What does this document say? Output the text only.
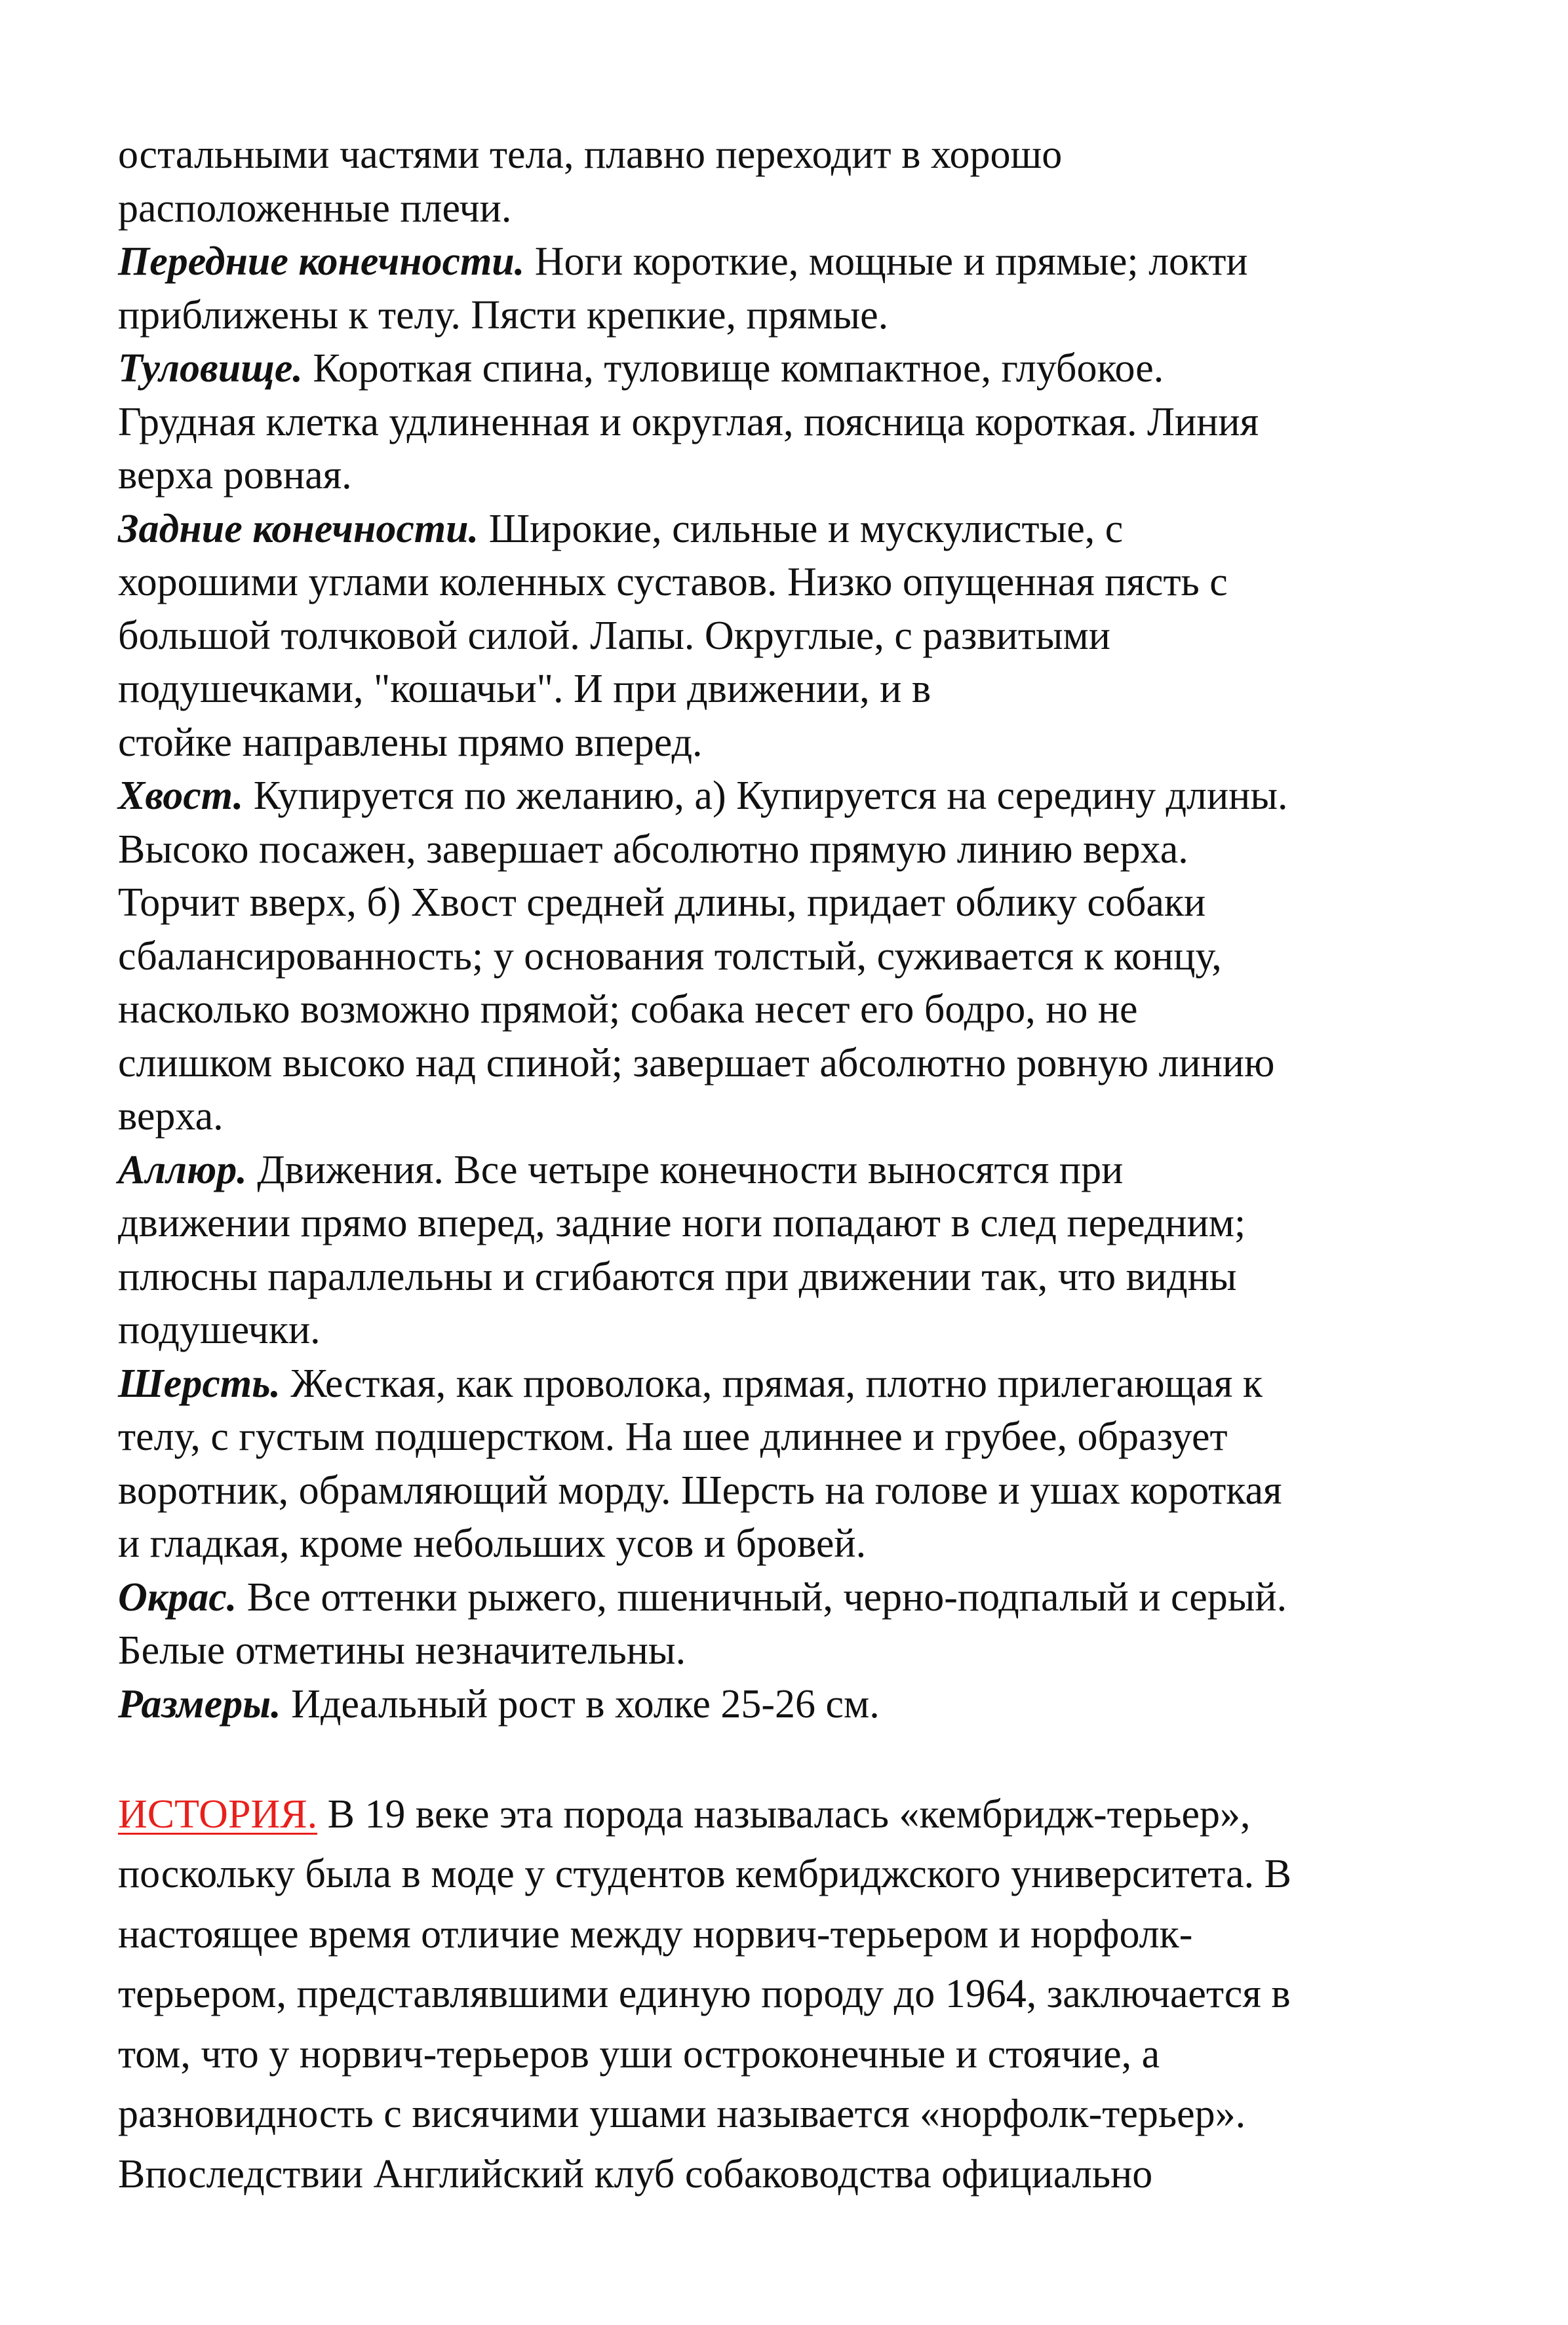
остальными частями тела, плавно переходит в хорошо
расположенные плечи.
Передние конечности. Ноги короткие, мощные и прямые; локти
приближены к телу. Пясти крепкие, прямые.
Туловище. Короткая спина, туловище компактное, глубокое.
Грудная клетка удлиненная и округлая, поясница короткая. Линия
верха ровная.
Задние конечности. Широкие, сильные и мускулистые, с
хорошими углами коленных суставов. Низко опущенная пясть с
большой толчковой силой. Лапы. Округлые, с развитыми
подушечками, "кошачьи". И при движении, и в
стойке направлены прямо вперед.
Хвост. Купируется по желанию, а) Купируется на середину длины.
Высоко посажен, завершает абсолютно прямую линию верха.
Торчит вверх, б) Хвост средней длины, придает облику собаки
сбалансированность; у основания толстый, суживается к концу,
насколько возможно прямой; собака несет его бодро, но не
слишком высоко над спиной; завершает абсолютно ровную линию
верха.
Аллюр. Движения. Все четыре конечности выносятся при
движении прямо вперед, задние ноги попадают в след передним;
плюсны параллельны и сгибаются при движении так, что видны
подушечки.
Шерсть. Жесткая, как проволока, прямая, плотно прилегающая к
телу, с густым подшерстком. На шее длиннее и грубее, образует
воротник, обрамляющий морду. Шерсть на голове и ушах короткая
и гладкая, кроме небольших усов и бровей.
Окрас. Все оттенки рыжего, пшеничный, черно-подпалый и серый.
Белые отметины незначительны.
Размеры. Идеальный рост в холке 25-26 см.
ИСТОРИЯ. В 19 веке эта порода называлась «кембридж-терьер»,
поскольку была в моде у студентов кембриджского университета. В
настоящее время отличие между норвич-терьером и норфолк-
терьером, представлявшими единую породу до 1964, заключается в
том, что у норвич-терьеров уши остроконечные и стоячие, а
разновидность с висячими ушами называется «норфолк-терьер».
Впоследствии Английский клуб собаководства официально
